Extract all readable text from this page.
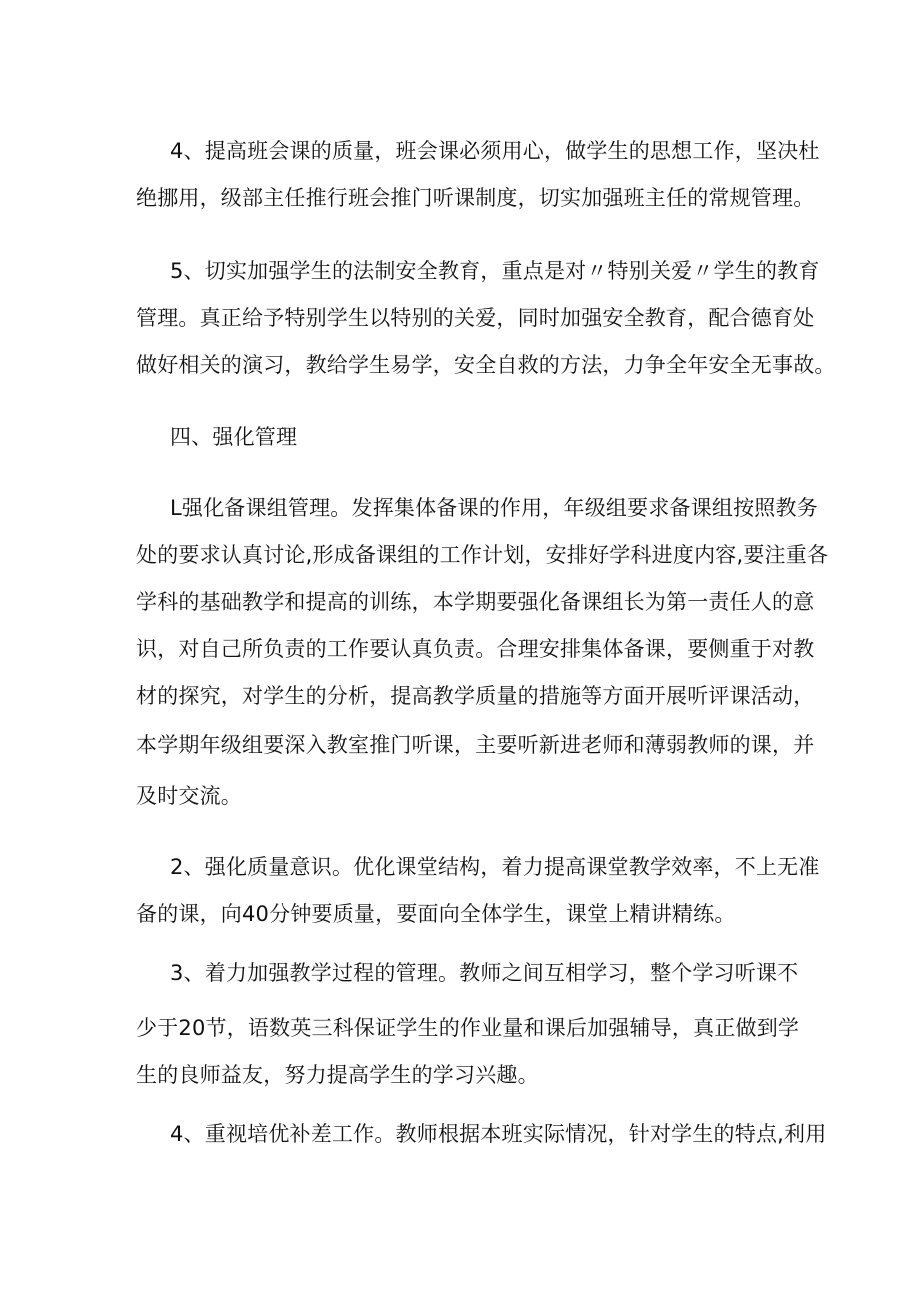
4、提高班会课的质量，班会课必须用心，做学生的思想工作，坚决杜
绝挪用，级部主任推行班会推门听课制度，切实加强班主任的常规管理。
5、切实加强学生的法制安全教育，重点是对〃特别关爱〃学生的教育
管理。真正给予特别学生以特别的关爱，同时加强安全教育，配合德育处
做好相关的演习，教给学生易学，安全自救的方法，力争全年安全无事故。
四、强化管理
L强化备课组管理。发挥集体备课的作用，年级组要求备课组按照教务
处的要求认真讨论,形成备课组的工作计划，安排好学科进度内容,要注重各
学科的基础教学和提高的训练，本学期要强化备课组长为第一责任人的意
识，对自己所负责的工作要认真负责。合理安排集体备课，要侧重于对教
材的探究，对学生的分析，提高教学质量的措施等方面开展听评课活动，
本学期年级组要深入教室推门听课，主要听新进老师和薄弱教师的课，并
及时交流。
2、强化质量意识。优化课堂结构，着力提高课堂教学效率，不上无准
备的课，向40分钟要质量，要面向全体学生，课堂上精讲精练。
3、着力加强教学过程的管理。教师之间互相学习，整个学习听课不
少于20节，语数英三科保证学生的作业量和课后加强辅导，真正做到学
生的良师益友，努力提高学生的学习兴趣。
4、重视培优补差工作。教师根据本班实际情况，针对学生的特点,利用
